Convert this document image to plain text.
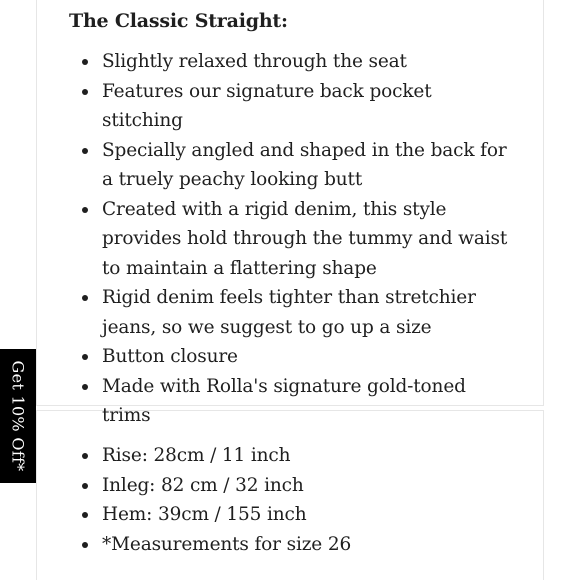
The Classic Straight:
Slightly relaxed through the seat
Features our signature back pocket stitching
Specially angled and shaped in the back for a truely peachy looking butt
Created with a rigid denim, this style provides hold through the tummy and waist to maintain a flattering shape
Rigid denim feels tighter than stretchier jeans, so we suggest to go up a size
Button closure
Made with Rolla's signature gold-toned trims
Rise: 28cm / 11 inch
Inleg: 82 cm / 32 inch
Hem: 39cm / 155 inch
*Measurements for size 26
Get 10% Off*
